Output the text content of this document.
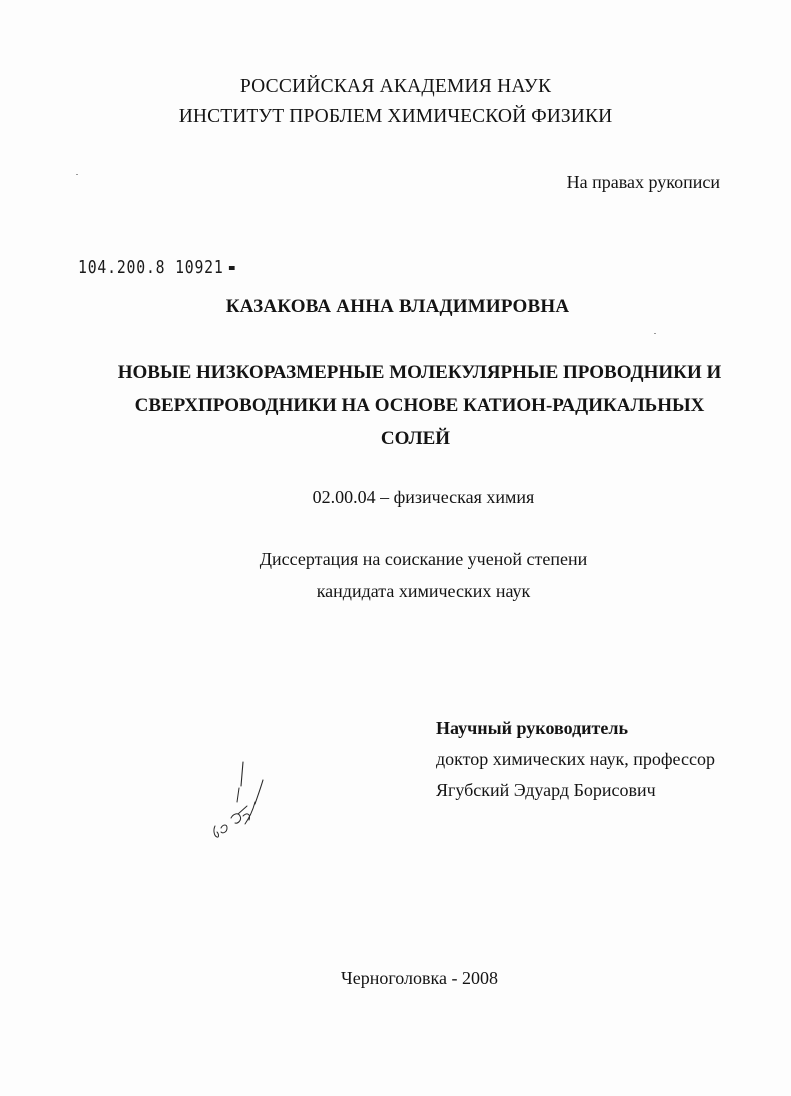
РОССИЙСКАЯ АКАДЕМИЯ НАУК
ИНСТИТУТ ПРОБЛЕМ ХИМИЧЕСКОЙ ФИЗИКИ
На правах рукописи
104.200.8 10921
КАЗАКОВА АННА ВЛАДИМИРОВНА
НОВЫЕ НИЗКОРАЗМЕРНЫЕ МОЛЕКУЛЯРНЫЕ ПРОВОДНИКИ И
СВЕРХПРОВОДНИКИ НА ОСНОВЕ КАТИОН-РАДИКАЛЬНЫХ
СОЛЕЙ
02.00.04 – физическая химия
Диссертация на соискание ученой степени
кандидата химических наук
Научный руководитель
доктор химических наук, профессор
Ягубский Эдуард Борисович
Черноголовка - 2008
